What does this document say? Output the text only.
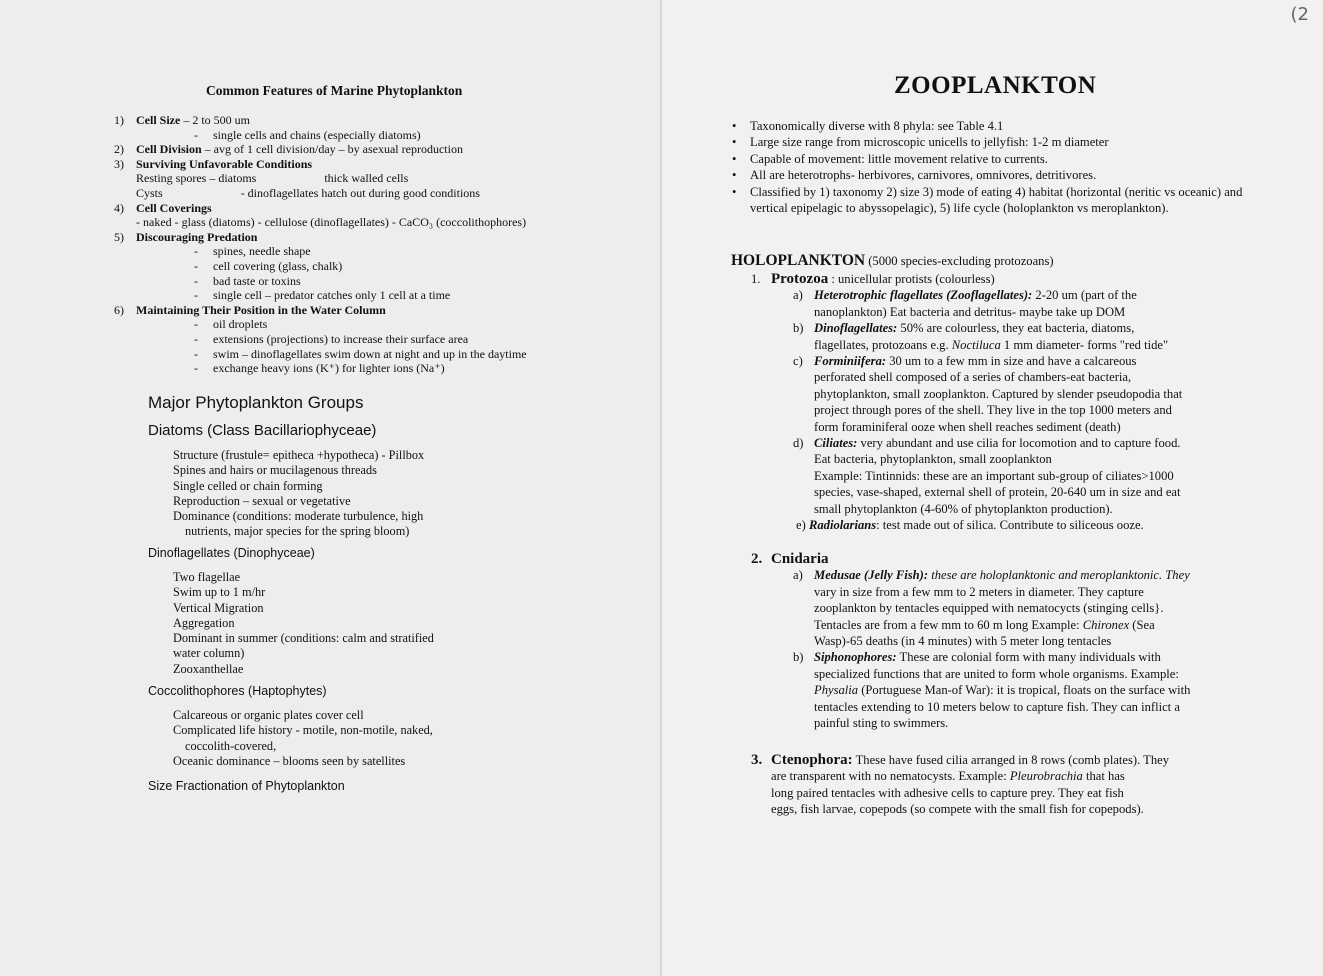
Common Features of Marine Phytoplankton
1) Cell Size – 2 to 500 um
- single cells and chains (especially diatoms)
2) Cell Division – avg of 1 cell division/day – by asexual reproduction
3) Surviving Unfavorable Conditions
Resting spores – diatoms	thick walled cells
Cysts	- dinoflagellates hatch out during good conditions
4) Cell Coverings
- naked - glass (diatoms) - cellulose (dinoflagellates) - CaCO₃ (coccolithophores)
5) Discouraging Predation
- spines, needle shape
- cell covering (glass, chalk)
- bad taste or toxins
- single cell – predator catches only 1 cell at a time
6) Maintaining Their Position in the Water Column
- oil droplets
- extensions (projections) to increase their surface area
- swim – dinoflagellates swim down at night and up in the daytime
- exchange heavy ions (K⁺) for lighter ions (Na⁺)
Major Phytoplankton Groups
Diatoms (Class Bacillariophyceae)
Structure (frustule= epitheca +hypotheca) - Pillbox
Spines and hairs or mucilagenous threads
Single celled or chain forming
Reproduction – sexual or vegetative
Dominance (conditions: moderate turbulence, high
nutrients, major species for the spring bloom)
Dinoflagellates (Dinophyceae)
Two flagellae
Swim up to 1 m/hr
Vertical Migration
Aggregation
Dominant in summer (conditions: calm and stratified
water column)
Zooxanthellae
Coccolithophores (Haptophytes)
Calcareous or organic plates cover cell
Complicated life history - motile, non-motile, naked,
coccolith-covered,
Oceanic dominance – blooms seen by satellites
Size Fractionation of Phytoplankton
(2
ZOOPLANKTON
• Taxonomically diverse with 8 phyla: see Table 4.1
• Large size range from microscopic unicells to jellyfish: 1-2 m diameter
• Capable of movement: little movement relative to currents.
• All are heterotrophs- herbivores, carnivores, omnivores, detritivores.
• Classified by 1) taxonomy 2) size 3) mode of eating 4) habitat (horizontal (neritic vs oceanic) and vertical epipelagic to abyssopelagic), 5) life cycle (holoplankton vs meroplankton).
HOLOPLANKTON (5000 species-excluding protozoans)
1. Protozoa : unicellular protists (colourless)
a) Heterotrophic flagellates (Zooflagellates): 2-20 um (part of the
nanoplankton) Eat bacteria and detritus- maybe take up DOM
b) Dinoflagellates: 50% are colourless, they eat bacteria, diatoms,
flagellates, protozoans e.g. Noctiluca 1 mm diameter- forms "red tide"
c) Forminiifera: 30 um to a few mm in size and have a calcareous
perforated shell composed of a series of chambers-eat bacteria,
phytoplankton, small zooplankton. Captured by slender pseudopodia that
project through pores of the shell. They live in the top 1000 meters and
form foraminiferal ooze when shell reaches sediment (death)
d) Ciliates: very abundant and use cilia for locomotion and to capture food.
Eat bacteria, phytoplankton, small zooplankton
Example: Tintinnids: these are an important sub-group of ciliates>1000
species, vase-shaped, external shell of protein, 20-640 um in size and eat
small phytoplankton (4-60% of phytoplankton production).
e) Radiolarians: test made out of silica. Contribute to siliceous ooze.
2. Cnidaria
a) Medusae (Jelly Fish): these are holoplanktonic and meroplanktonic. They
vary in size from a few mm to 2 meters in diameter. They capture
zooplankton by tentacles equipped with nematocycts (stinging cells}.
Tentacles are from a few mm to 60 m long Example: Chironex (Sea
Wasp)-65 deaths (in 4 minutes) with 5 meter long tentacles
b) Siphonophores: These are colonial form with many individuals with
specialized functions that are united to form whole organisms. Example:
Physalia (Portuguese Man-of War): it is tropical, floats on the surface with
tentacles extending to 10 meters below to capture fish. They can inflict a
painful sting to swimmers.
3. Ctenophora: These have fused cilia arranged in 8 rows (comb plates). They
are transparent with no nematocysts. Example: Pleurobrachia that has
long paired tentacles with adhesive cells to capture prey. They eat fish
eggs, fish larvae, copepods (so compete with the small fish for copepods).
